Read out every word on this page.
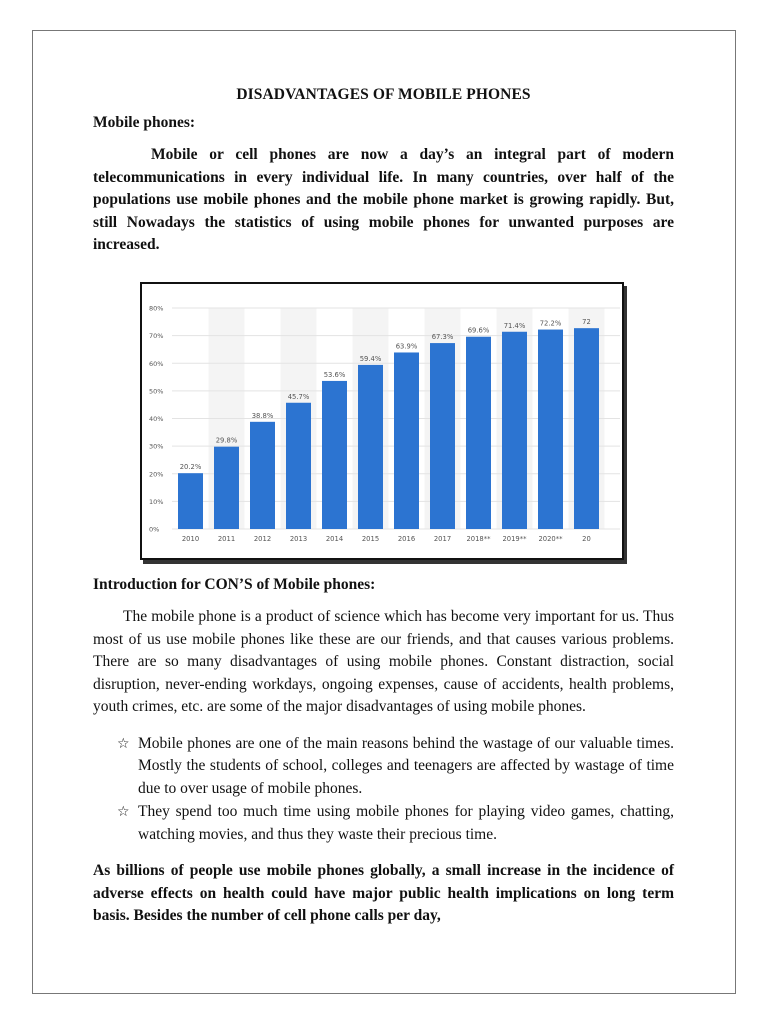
DISADVANTAGES OF MOBILE PHONES
Mobile phones:

Mobile or cell phones are now a day’s an integral part of modern telecommunications in every individual life. In many countries, over half of the populations use mobile phones and the mobile phone market is growing rapidly. But, still Nowadays the statistics of using mobile phones for unwanted purposes are increased.

0%
10%
20%
30%
40%
50%
60%
70%
80%
20.2%
2010
29.8%
2011
38.8%
2012
45.7%
2013
53.6%
2014
59.4%
2015
63.9%
2016
67.3%
2017
69.6%
2018**
71.4%
2019**
72.2%
2020**
72
20
Introduction for CON’S of Mobile phones:

The mobile phone is a product of science which has become very important for us. Thus most of us use mobile phones like these are our friends, and that causes various problems. There are so many disadvantages of using mobile phones. Constant distraction, social disruption, never-ending workdays, ongoing expenses, cause of accidents, health problems, youth crimes, etc. are some of the major disadvantages of using mobile phones.

☆ Mobile phones are one of the main reasons behind the wastage of our valuable times. Mostly the students of school, colleges and teenagers are affected by wastage of time due to over usage of mobile phones.
☆ They spend too much time using mobile phones for playing video games, chatting, watching movies, and thus they waste their precious time.

As billions of people use mobile phones globally, a small increase in the incidence of adverse effects on health could have major public health implications on long term basis. Besides the number of cell phone calls per day,
